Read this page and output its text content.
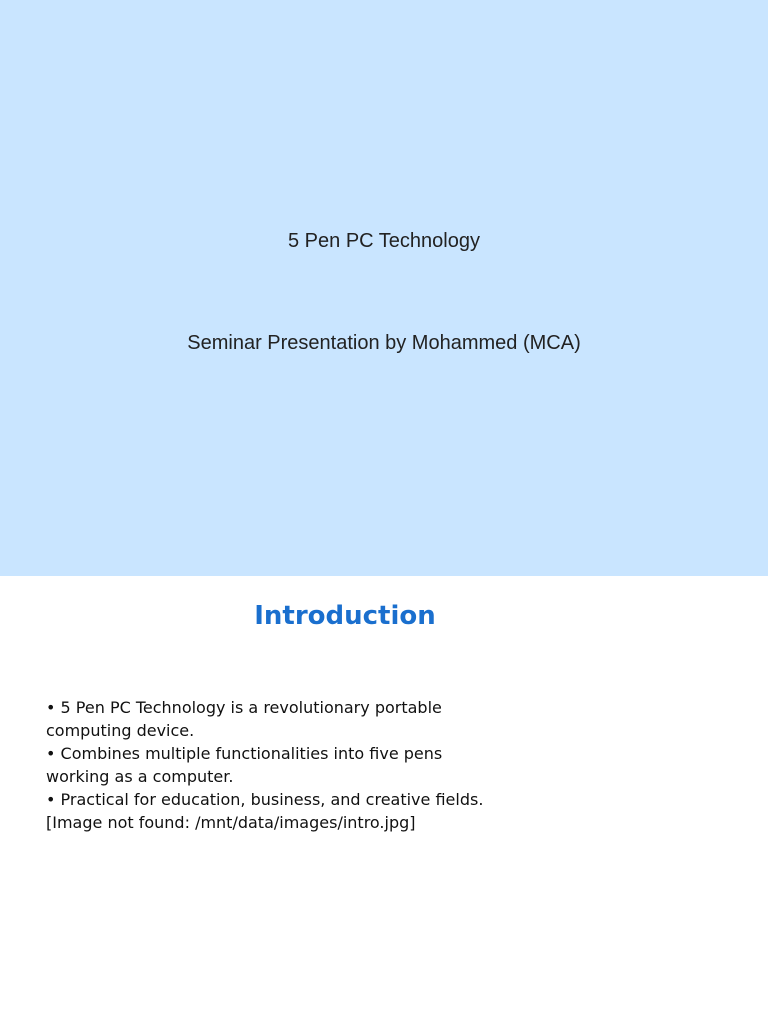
5 Pen PC Technology
Seminar Presentation by Mohammed (MCA)
Introduction
• 5 Pen PC Technology is a revolutionary portable computing device.
• Combines multiple functionalities into five pens working as a computer.
• Practical for education, business, and creative fields.
[Image not found: /mnt/data/images/intro.jpg]
